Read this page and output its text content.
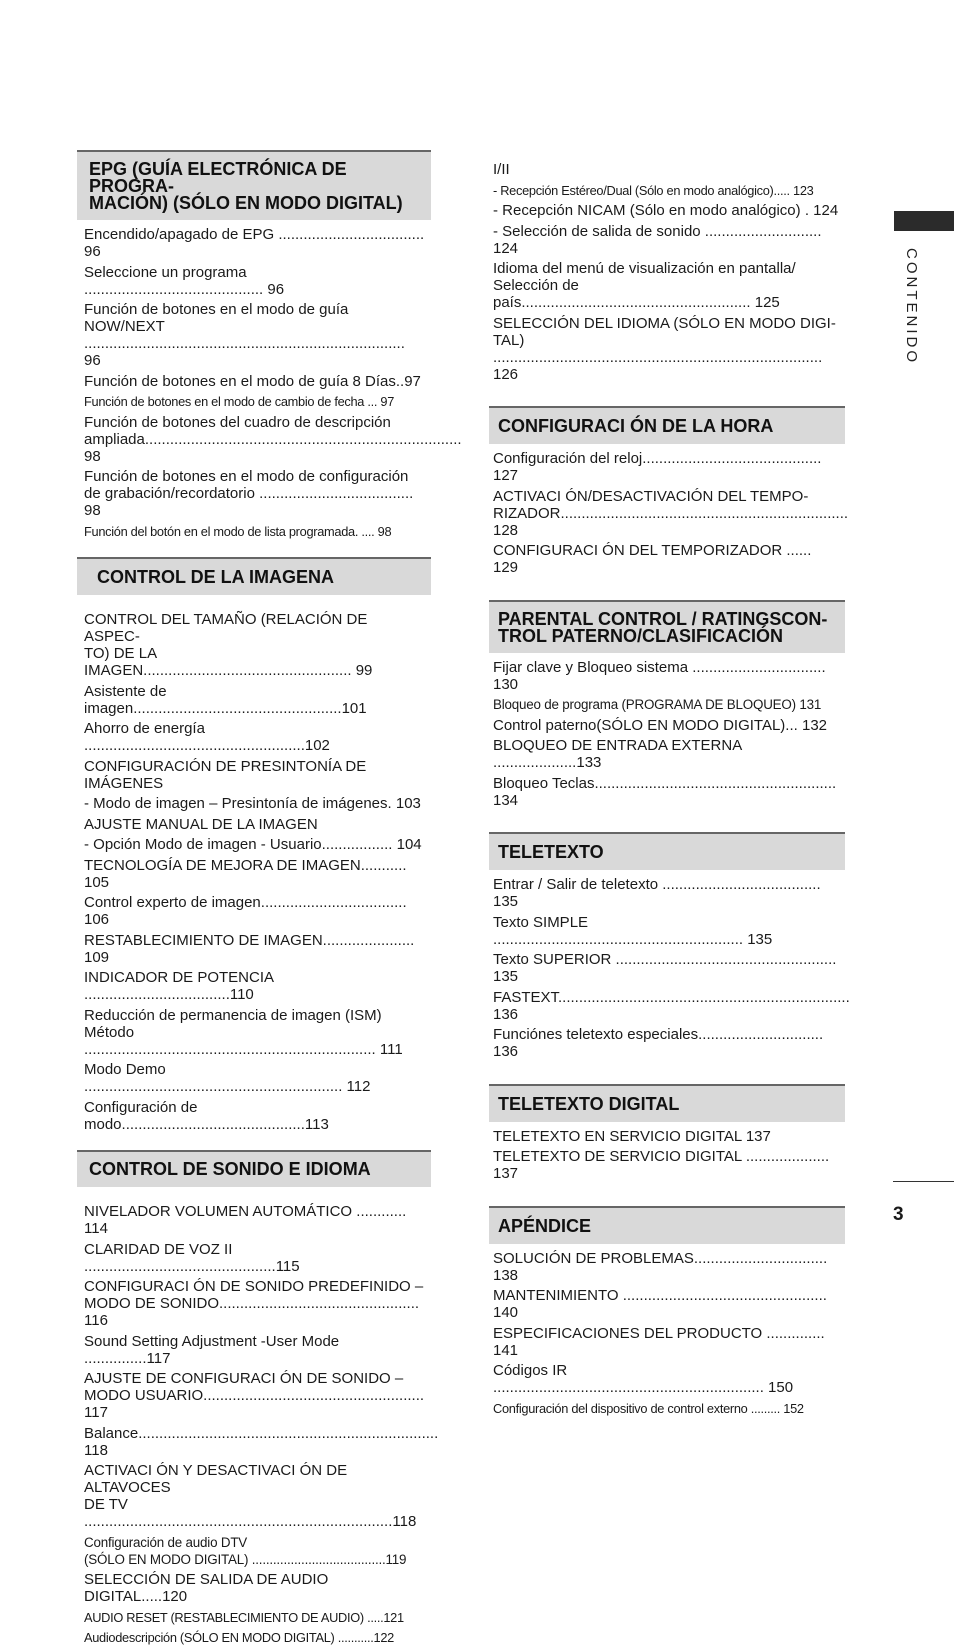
EPG (GUÍA ELECTRÓNICA DE PROGRA-
MACIÓN) (SÓLO EN MODO DIGITAL)
Encendido/apagado de EPG ................................... 96
Seleccione un programa ........................................... 96
Función de botones en el modo de guía
NOW/NEXT ............................................................................. 96
Función de botones en el modo de guía 8 Días..97
Función de botones en el modo de cambio de fecha ... 97
Función de botones del cuadro de descripción
ampliada............................................................................ 98
Función de botones en el modo de configuración
de grabación/recordatorio ..................................... 98
Función del botón en el modo de lista programada. .... 98
CONTROL DE LA IMAGENA
CONTROL DEL TAMAÑO (RELACIÓN DE ASPEC-
TO) DE LA IMAGEN.................................................. 99
Asistente de imagen..................................................101
Ahorro de energía .....................................................102
CONFIGURACIÓN DE PRESINTONÍA DE
IMÁGENES
- Modo de imagen – Presintonía de imágenes. 103
AJUSTE MANUAL DE LA IMAGEN
- Opción Modo de imagen - Usuario................. 104
TECNOLOGÍA DE MEJORA DE IMAGEN........... 105
Control experto de imagen................................... 106
RESTABLECIMIENTO DE IMAGEN...................... 109
INDICADOR DE POTENCIA ...................................110
Reducción de permanencia de imagen (ISM)
Método ...................................................................... 111
Modo Demo .............................................................. 112
Configuración de modo............................................113
CONTROL DE SONIDO E IDIOMA
NIVELADOR VOLUMEN AUTOMÁTICO ............ 114
CLARIDAD DE VOZ II ..............................................115
CONFIGURACI ÓN DE SONIDO PREDEFINIDO –
MODO DE SONIDO................................................ 116
Sound Setting Adjustment -User Mode ...............117
AJUSTE DE CONFIGURACI ÓN DE SONIDO –
MODO USUARIO..................................................... 117
Balance........................................................................ 118
ACTIVACI ÓN Y DESACTIVACI ÓN DE ALTAVOCES
DE TV ..........................................................................118
Configuración de audio DTV
(SÓLO EN MODO DIGITAL) ......................................119
SELECCIÓN DE SALIDA DE AUDIO DIGITAL.....120
AUDIO RESET (RESTABLECIMIENTO DE AUDIO) .....121
Audiodescripción (SÓLO EN MODO DIGITAL) ...........122
I/II
- Recepción Estéreo/Dual (Sólo en modo analógico)..... 123
- Recepción NICAM (Sólo en modo analógico) . 124
- Selección de salida de sonido ............................ 124
Idioma del menú de visualización en pantalla/
Selección de país....................................................... 125
SELECCIÓN DEL IDIOMA (SÓLO EN MODO DIGI-
TAL) ............................................................................... 126
CONFIGURACI ÓN DE LA HORA
Configuración del reloj........................................... 127
ACTIVACI ÓN/DESACTIVACIÓN DEL TEMPO-
RIZADOR..................................................................... 128
CONFIGURACI ÓN DEL TEMPORIZADOR ...... 129
PARENTAL CONTROL / RATINGSCON-
TROL PATERNO/CLASIFICACIÓN
Fijar clave y Bloqueo sistema ................................ 130
Bloqueo de programa (PROGRAMA DE BLOQUEO) 131
Control paterno(SÓLO EN MODO DIGITAL)... 132
BLOQUEO DE ENTRADA EXTERNA ....................133
Bloqueo Teclas.......................................................... 134
TELETEXTO
Entrar / Salir de teletexto ...................................... 135
Texto SIMPLE ............................................................ 135
Texto SUPERIOR ..................................................... 135
FASTEXT...................................................................... 136
Funciónes teletexto especiales.............................. 136
TELETEXTO DIGITAL
TELETEXTO EN SERVICIO DIGITAL 137
TELETEXTO DE SERVICIO DIGITAL .................... 137
APÉNDICE
SOLUCIÓN DE PROBLEMAS................................ 138
MANTENIMIENTO ................................................. 140
ESPECIFICACIONES DEL PRODUCTO .............. 141
Códigos IR ................................................................. 150
Configuración del dispositivo de control externo ......... 152
CONTENIDO
3
